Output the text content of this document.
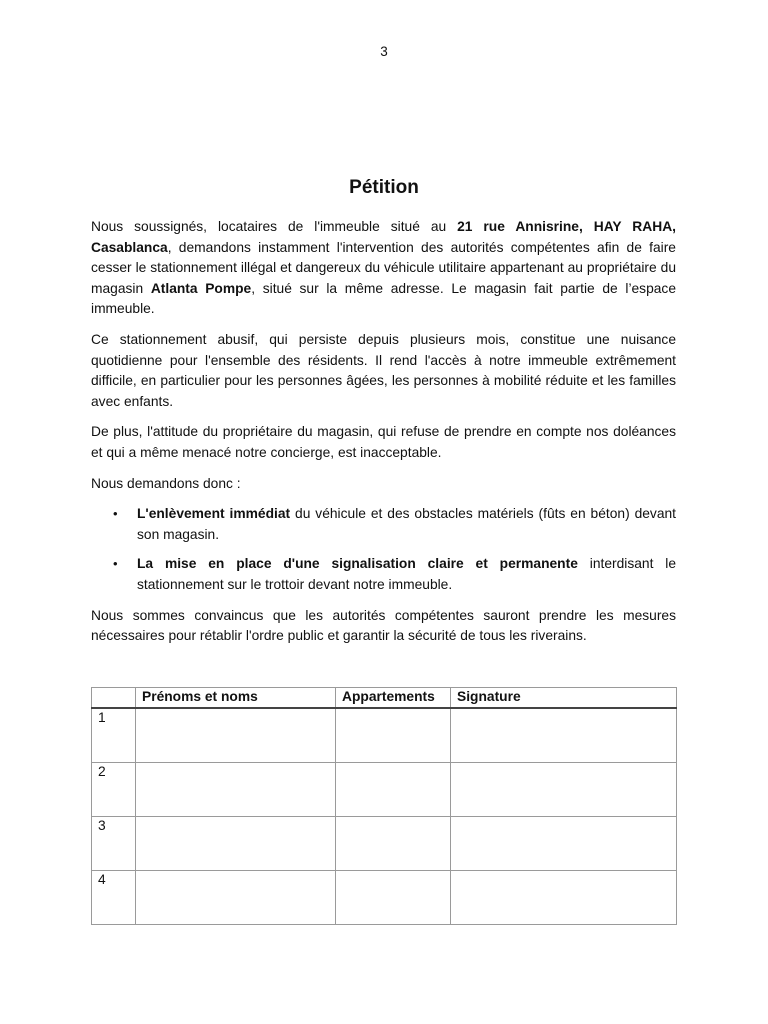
3
Pétition

Nous soussignés, locataires de l'immeuble situé au 21 rue Annisrine, HAY RAHA, Casablanca, demandons instamment l'intervention des autorités compétentes afin de faire cesser le stationnement illégal et dangereux du véhicule utilitaire appartenant au propriétaire du magasin Atlanta Pompe, situé sur la même adresse. Le magasin fait partie de l’espace immeuble.

Ce stationnement abusif, qui persiste depuis plusieurs mois, constitue une nuisance quotidienne pour l'ensemble des résidents. Il rend l'accès à notre immeuble extrêmement difficile, en particulier pour les personnes âgées, les personnes à mobilité réduite et les familles avec enfants.

De plus, l'attitude du propriétaire du magasin, qui refuse de prendre en compte nos doléances et qui a même menacé notre concierge, est inacceptable.

Nous demandons donc :

• L'enlèvement immédiat du véhicule et des obstacles matériels (fûts en béton) devant son magasin.
• La mise en place d'une signalisation claire et permanente interdisant le stationnement sur le trottoir devant notre immeuble.

Nous sommes convaincus que les autorités compétentes sauront prendre les mesures nécessaires pour rétablir l'ordre public et garantir la sécurité de tous les riverains.

	Prénoms et noms	Appartements	Signature
1			
2			
3			
4			
